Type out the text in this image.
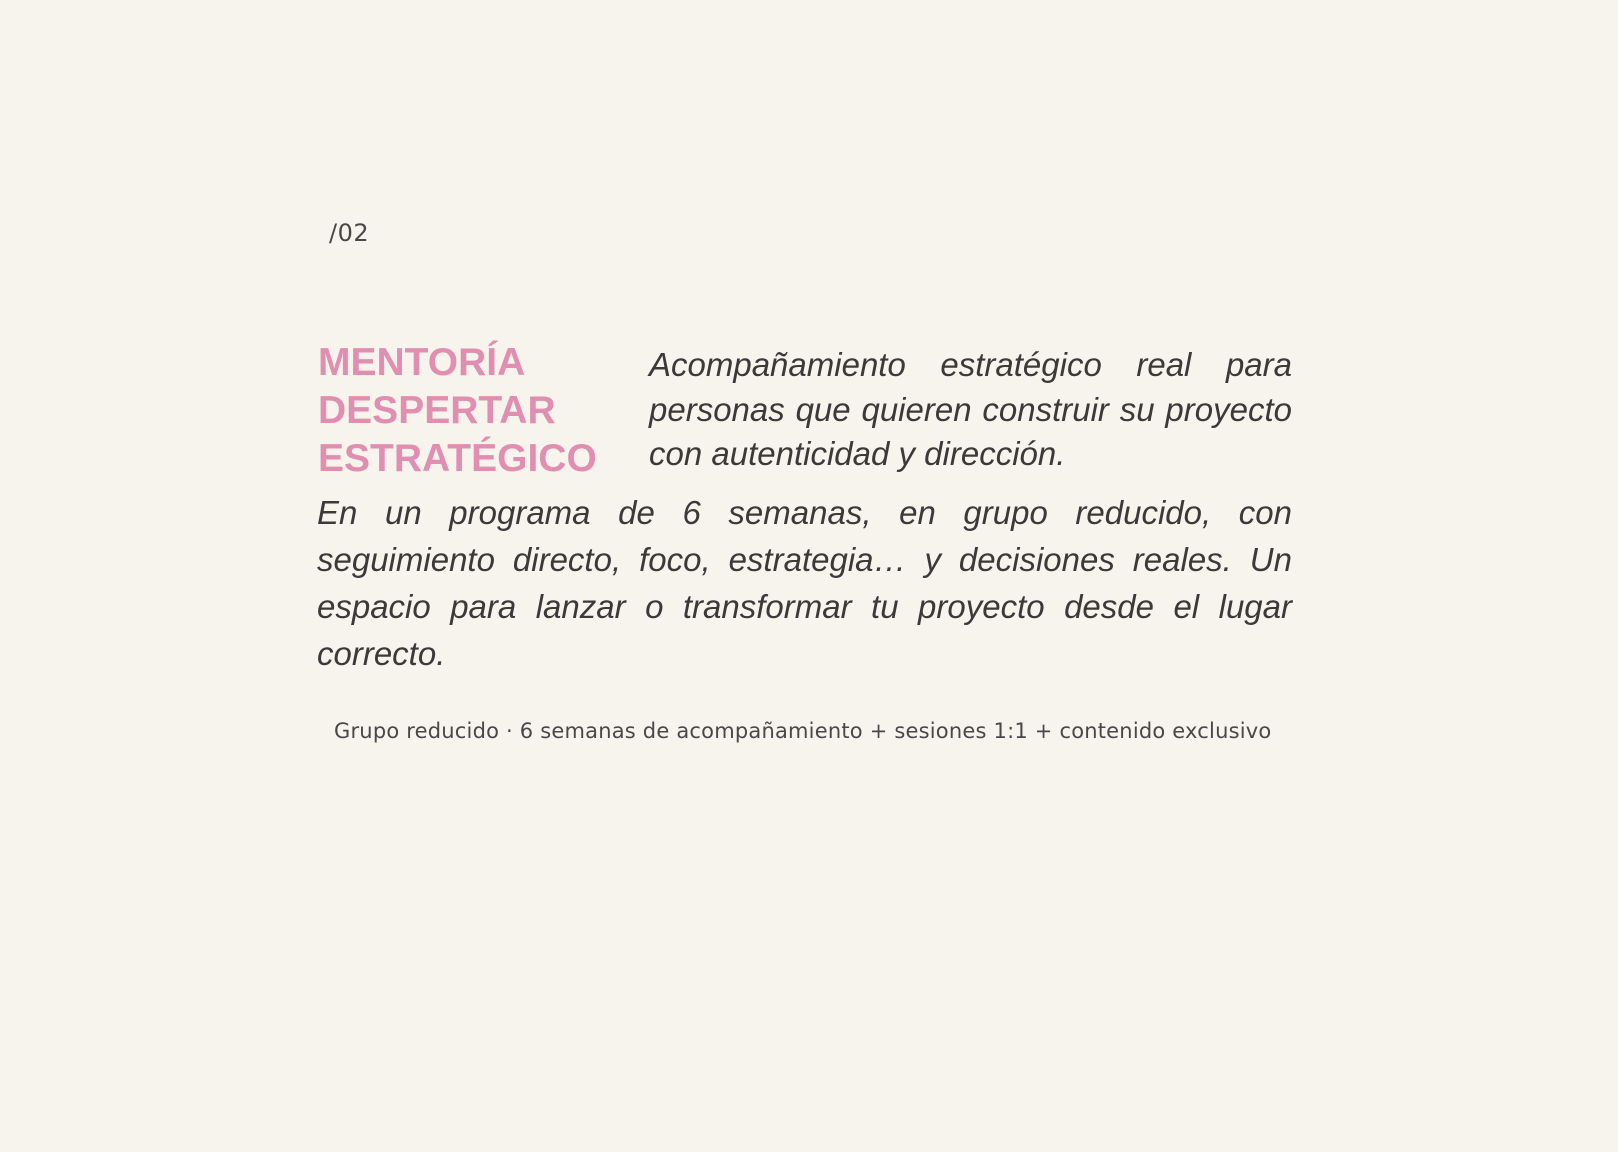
/02
MENTORÍA
DESPERTAR
ESTRATÉGICO
Acompañamiento estratégico real para personas que quieren construir su proyecto con autenticidad y dirección.
En un programa de 6 semanas, en grupo reducido, con seguimiento directo, foco, estrategia… y decisiones reales. Un espacio para lanzar o transformar tu proyecto desde el lugar correcto.
Grupo reducido · 6 semanas de acompañamiento + sesiones 1:1 + contenido exclusivo
